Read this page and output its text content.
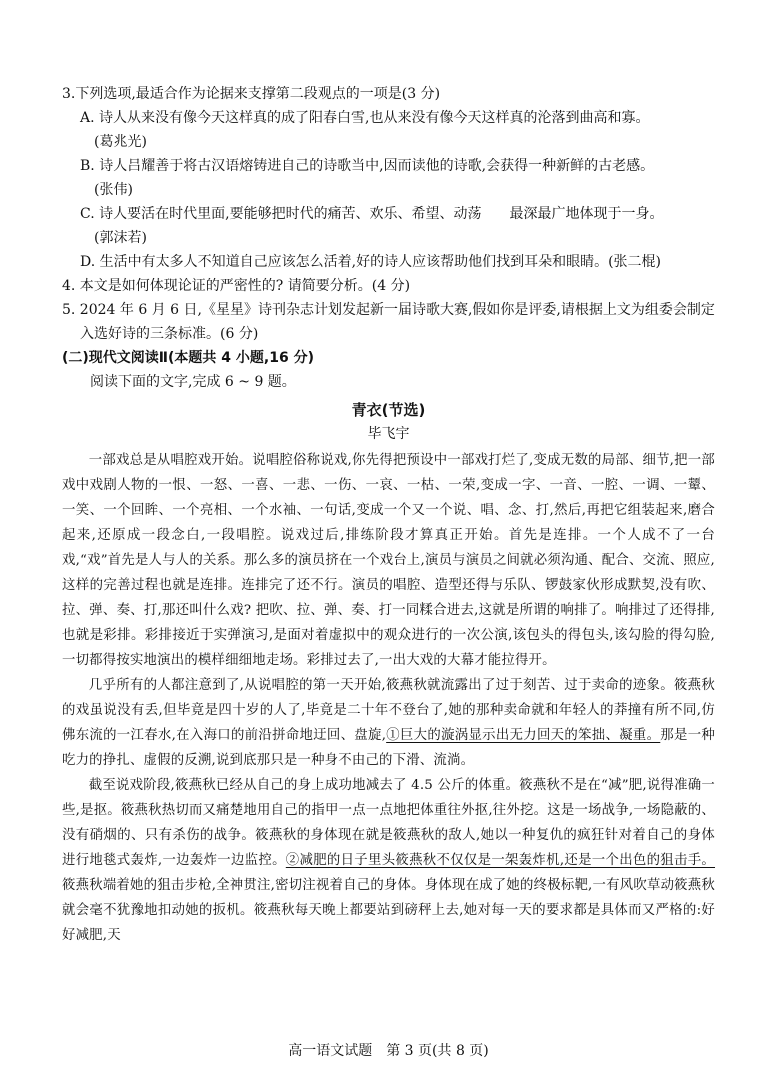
3.下列选项,最适合作为论据来支撑第二段观点的一项是(3 分)

A. 诗人从来没有像今天这样真的成了阳春白雪,也从来没有像今天这样真的沦落到曲高和寡。

(葛兆光)

B. 诗人吕耀善于将古汉语熔铸进自己的诗歌当中,因而读他的诗歌,会获得一种新鲜的古老感。

(张伟)

C. 诗人要活在时代里面,要能够把时代的痛苦、欢乐、希望、动荡　　最深最广地体现于一身。

(郭沫若)

D. 生活中有太多人不知道自己应该怎么活着,好的诗人应该帮助他们找到耳朵和眼睛。(张二棍)

4. 本文是如何体现论证的严密性的? 请简要分析。(4 分)

5. 2024 年 6 月 6 日,《星星》诗刊杂志计划发起新一届诗歌大赛,假如你是评委,请根据上文为组委会制定入选好诗的三条标准。(6 分)

(二)现代文阅读Ⅱ(本题共 4 小题,16 分)

阅读下面的文字,完成 6 ~ 9 题。

青衣(节选)

毕飞宇

一部戏总是从唱腔戏开始。说唱腔俗称说戏,你先得把预设中一部戏打烂了,变成无数的局部、细节,把一部戏中戏剧人物的一恨、一怒、一喜、一悲、一伤、一哀、一枯、一荣,变成一字、一音、一腔、一调、一颦、一笑、一个回眸、一个亮相、一个水袖、一句话,变成一个又一个说、唱、念、打,然后,再把它组装起来,磨合起来,还原成一段念白,一段唱腔。说戏过后,排练阶段才算真正开始。首先是连排。一个人成不了一台戏,“戏”首先是人与人的关系。那么多的演员挤在一个戏台上,演员与演员之间就必须沟通、配合、交流、照应,这样的完善过程也就是连排。连排完了还不行。演员的唱腔、造型还得与乐队、锣鼓家伙形成默契,没有吹、拉、弹、奏、打,那还叫什么戏? 把吹、拉、弹、奏、打一同糅合进去,这就是所谓的响排了。响排过了还得排,也就是彩排。彩排接近于实弹演习,是面对着虚拟中的观众进行的一次公演,该包头的得包头,该勾脸的得勾脸,一切都得按实地演出的模样细细地走场。彩排过去了,一出大戏的大幕才能拉得开。

几乎所有的人都注意到了,从说唱腔的第一天开始,筱燕秋就流露出了过于刻苦、过于卖命的迹象。筱燕秋的戏虽说没有丢,但毕竟是四十岁的人了,毕竟是二十年不登台了,她的那种卖命就和年轻人的莽撞有所不同,仿佛东流的一江春水,在入海口的前沿拼命地迂回、盘旋,①巨大的漩涡显示出无力回天的笨拙、凝重。那是一种吃力的挣扎、虚假的反溯,说到底那只是一种身不由己的下滑、流淌。

截至说戏阶段,筱燕秋已经从自己的身上成功地减去了 4.5 公斤的体重。筱燕秋不是在“减”肥,说得准确一些,是抠。筱燕秋热切而又痛楚地用自己的指甲一点一点地把体重往外抠,往外挖。这是一场战争,一场隐蔽的、没有硝烟的、只有杀伤的战争。筱燕秋的身体现在就是筱燕秋的敌人,她以一种复仇的疯狂针对着自己的身体进行地毯式轰炸,一边轰炸一边监控。②减肥的日子里头筱燕秋不仅仅是一架轰炸机,还是一个出色的狙击手。筱燕秋端着她的狙击步枪,全神贯注,密切注视着自己的身体。身体现在成了她的终极标靶,一有风吹草动筱燕秋就会毫不犹豫地扣动她的扳机。筱燕秋每天晚上都要站到磅秤上去,她对每一天的要求都是具体而又严格的:好好减肥,天

高一语文试题　第 3 页(共 8 页)
